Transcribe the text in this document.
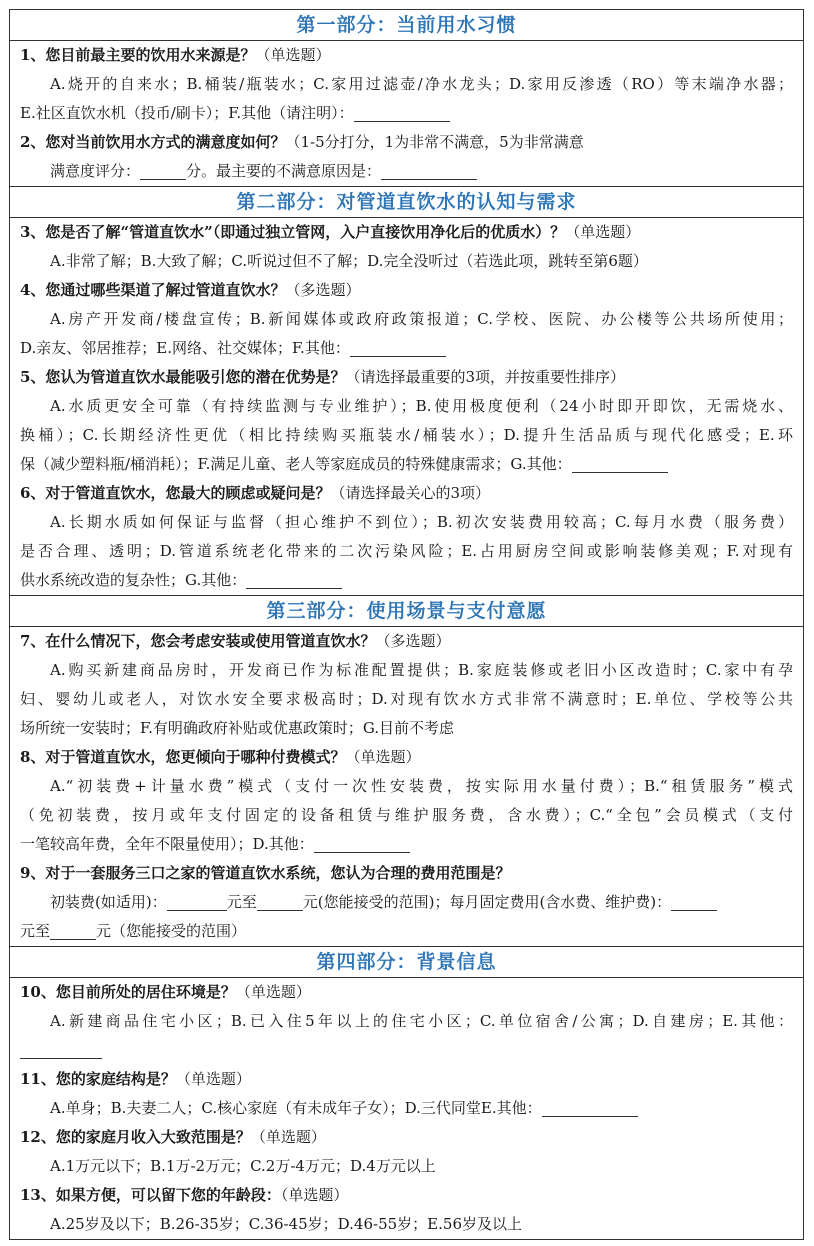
第一部分：当前用水习惯
1、您目前最主要的饮用水来源是？（单选题）
A.烧开的自来水；B.桶装/瓶装水；C.家用过滤壶/净水龙头；D.家用反渗透（RO）等末端净水器；
E.社区直饮水机（投币/刷卡）；F.其他（请注明）：
2、您对当前饮用水方式的满意度如何？（1-5分打分，1为非常不满意，5为非常满意
满意度评分：	分。最主要的不满意原因是：
第二部分：对管道直饮水的认知与需求
3、您是否了解“管道直饮水”（即通过独立管网，入户直接饮用净化后的优质水）？（单选题）
A.非常了解；B.大致了解；C.听说过但不了解；D.完全没听过（若选此项，跳转至第6题）
4、您通过哪些渠道了解过管道直饮水？（多选题）
A.房产开发商/楼盘宣传；B.新闻媒体或政府政策报道；C.学校、医院、办公楼等公共场所使用；
D.亲友、邻居推荐；E.网络、社交媒体；F.其他：
5、您认为管道直饮水最能吸引您的潜在优势是？（请选择最重要的3项，并按重要性排序）
A.水质更安全可靠（有持续监测与专业维护）；B.使用极度便利（24小时即开即饮，无需烧水、
换桶）；C.长期经济性更优（相比持续购买瓶装水/桶装水）；D.提升生活品质与现代化感受；E.环
保（减少塑料瓶/桶消耗）；F.满足儿童、老人等家庭成员的特殊健康需求；G.其他：
6、对于管道直饮水，您最大的顾虑或疑问是？（请选择最关心的3项）
A.长期水质如何保证与监督（担心维护不到位）；B.初次安装费用较高；C.每月水费（服务费）
是否合理、透明；D.管道系统老化带来的二次污染风险；E.占用厨房空间或影响装修美观；F.对现有
供水系统改造的复杂性；G.其他：
第三部分：使用场景与支付意愿
7、在什么情况下，您会考虑安装或使用管道直饮水？（多选题）
A.购买新建商品房时，开发商已作为标准配置提供；B.家庭装修或老旧小区改造时；C.家中有孕
妇、婴幼儿或老人，对饮水安全要求极高时；D.对现有饮水方式非常不满意时；E.单位、学校等公共
场所统一安装时；F.有明确政府补贴或优惠政策时；G.目前不考虑
8、对于管道直饮水，您更倾向于哪种付费模式？（单选题）
A.“初装费+计量水费”模式（支付一次性安装费，按实际用水量付费）；B.“租赁服务”模式
（免初装费，按月或年支付固定的设备租赁与维护服务费，含水费）；C.“全包”会员模式（支付
一笔较高年费，全年不限量使用）；D.其他：
9、对于一套服务三口之家的管道直饮水系统，您认为合理的费用范围是？
初装费(如适用)：	元至	元(您能接受的范围)；每月固定费用(含水费、维护费)：
元至	元（您能接受的范围）
第四部分：背景信息
10、您目前所处的居住环境是？（单选题）
A.新建商品住宅小区；B.已入住5年以上的住宅小区；C.单位宿舍/公寓；D.自建房；E.其他：
11、您的家庭结构是？（单选题）
A.单身；B.夫妻二人；C.核心家庭（有未成年子女）；D.三代同堂E.其他：
12、您的家庭月收入大致范围是？（单选题）
A.1万元以下；B.1万-2万元；C.2万-4万元；D.4万元以上
13、如果方便，可以留下您的年龄段：（单选题）
A.25岁及以下；B.26-35岁；C.36-45岁；D.46-55岁；E.56岁及以上
